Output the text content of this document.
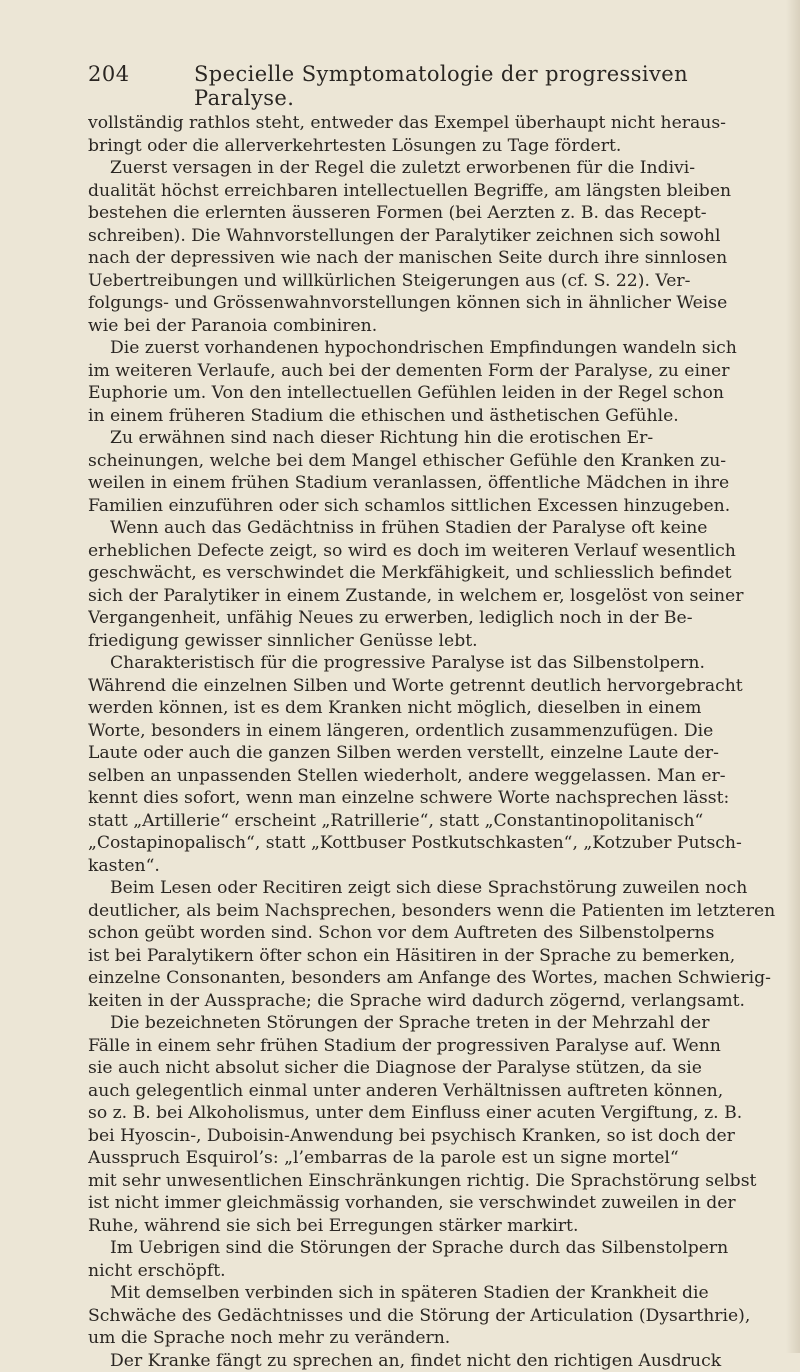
204	Specielle Symptomatologie der progressiven Paralyse.
vollständig rathlos steht, entweder das Exempel überhaupt nicht heraus-
bringt oder die allerverkehrtesten Lösungen zu Tage fördert.
Zuerst versagen in der Regel die zuletzt erworbenen für die Indivi-
dualität höchst erreichbaren intellectuellen Begriffe, am längsten bleiben
bestehen die erlernten äusseren Formen (bei Aerzten z. B. das Recept-
schreiben). Die Wahnvorstellungen der Paralytiker zeichnen sich sowohl
nach der depressiven wie nach der manischen Seite durch ihre sinnlosen
Uebertreibungen und willkürlichen Steigerungen aus (cf. S. 22). Ver-
folgungs- und Grössenwahnvorstellungen können sich in ähnlicher Weise
wie bei der Paranoia combiniren.
Die zuerst vorhandenen hypochondrischen Empfindungen wandeln sich
im weiteren Verlaufe, auch bei der dementen Form der Paralyse, zu einer
Euphorie um. Von den intellectuellen Gefühlen leiden in der Regel schon
in einem früheren Stadium die ethischen und ästhetischen Gefühle.
Zu erwähnen sind nach dieser Richtung hin die erotischen Er-
scheinungen, welche bei dem Mangel ethischer Gefühle den Kranken zu-
weilen in einem frühen Stadium veranlassen, öffentliche Mädchen in ihre
Familien einzuführen oder sich schamlos sittlichen Excessen hinzugeben.
Wenn auch das Gedächtniss in frühen Stadien der Paralyse oft keine
erheblichen Defecte zeigt, so wird es doch im weiteren Verlauf wesentlich
geschwächt, es verschwindet die Merkfähigkeit, und schliesslich befindet
sich der Paralytiker in einem Zustande, in welchem er, losgelöst von seiner
Vergangenheit, unfähig Neues zu erwerben, lediglich noch in der Be-
friedigung gewisser sinnlicher Genüsse lebt.
Charakteristisch für die progressive Paralyse ist das Silbenstolpern.
Während die einzelnen Silben und Worte getrennt deutlich hervorgebracht
werden können, ist es dem Kranken nicht möglich, dieselben in einem
Worte, besonders in einem längeren, ordentlich zusammenzufügen. Die
Laute oder auch die ganzen Silben werden verstellt, einzelne Laute der-
selben an unpassenden Stellen wiederholt, andere weggelassen. Man er-
kennt dies sofort, wenn man einzelne schwere Worte nachsprechen lässt:
statt „Artillerie“ erscheint „Ratrillerie“, statt „Constantinopolitanisch“
„Costapinopalisch“, statt „Kottbuser Postkutschkasten“, „Kotzuber Putsch-
kasten“.
Beim Lesen oder Recitiren zeigt sich diese Sprachstörung zuweilen noch
deutlicher, als beim Nachsprechen, besonders wenn die Patienten im letzteren
schon geübt worden sind. Schon vor dem Auftreten des Silbenstolperns
ist bei Paralytikern öfter schon ein Häsitiren in der Sprache zu bemerken,
einzelne Consonanten, besonders am Anfange des Wortes, machen Schwierig-
keiten in der Aussprache; die Sprache wird dadurch zögernd, verlangsamt.
Die bezeichneten Störungen der Sprache treten in der Mehrzahl der
Fälle in einem sehr frühen Stadium der progressiven Paralyse auf. Wenn
sie auch nicht absolut sicher die Diagnose der Paralyse stützen, da sie
auch gelegentlich einmal unter anderen Verhältnissen auftreten können,
so z. B. bei Alkoholismus, unter dem Einfluss einer acuten Vergiftung, z. B.
bei Hyoscin-, Duboisin-Anwendung bei psychisch Kranken, so ist doch der
Ausspruch Esquirol’s: „l’embarras de la parole est un signe mortel“
mit sehr unwesentlichen Einschränkungen richtig. Die Sprachstörung selbst
ist nicht immer gleichmässig vorhanden, sie verschwindet zuweilen in der
Ruhe, während sie sich bei Erregungen stärker markirt.
Im Uebrigen sind die Störungen der Sprache durch das Silbenstolpern
nicht erschöpft.
Mit demselben verbinden sich in späteren Stadien der Krankheit die
Schwäche des Gedächtnisses und die Störung der Articulation (Dysarthrie),
um die Sprache noch mehr zu verändern.
Der Kranke fängt zu sprechen an, findet nicht den richtigen Ausdruck
